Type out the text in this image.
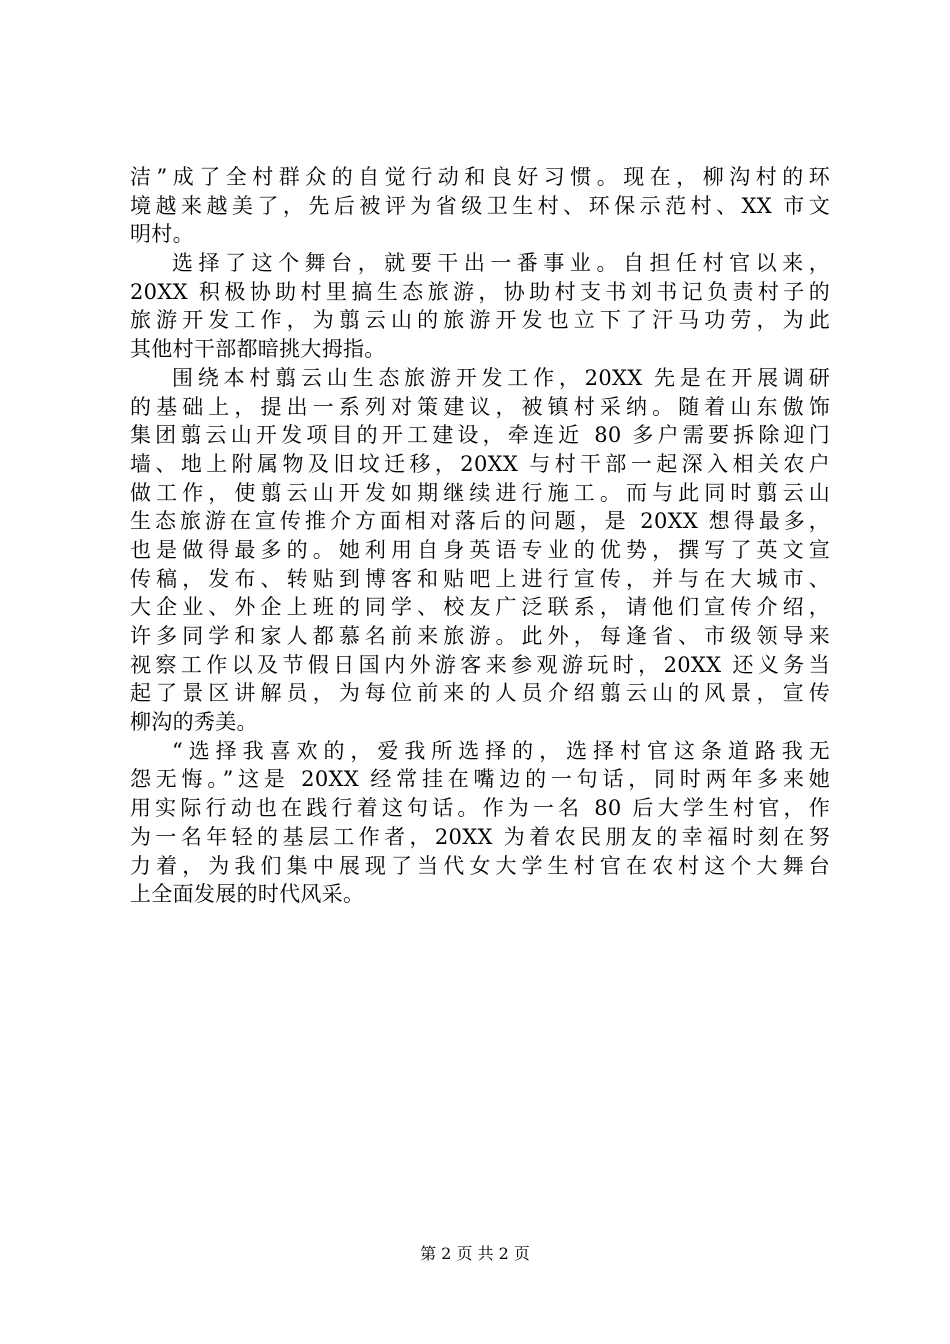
洁”成了全村群众的自觉行动和良好习惯。现在，柳沟村的环
境越来越美了，先后被评为省级卫生村、环保示范村、XX 市文
明村。
选择了这个舞台，就要干出一番事业。自担任村官以来，
20XX 积极协助村里搞生态旅游，协助村支书刘书记负责村子的
旅游开发工作，为翦云山的旅游开发也立下了汗马功劳，为此
其他村干部都暗挑大拇指。
围绕本村翦云山生态旅游开发工作，20XX 先是在开展调研
的基础上，提出一系列对策建议，被镇村采纳。随着山东傲饰
集团翦云山开发项目的开工建设，牵连近 80 多户需要拆除迎门
墙、地上附属物及旧坟迁移，20XX 与村干部一起深入相关农户
做工作，使翦云山开发如期继续进行施工。而与此同时翦云山
生态旅游在宣传推介方面相对落后的问题，是 20XX 想得最多，
也是做得最多的。她利用自身英语专业的优势，撰写了英文宣
传稿，发布、转贴到博客和贴吧上进行宣传，并与在大城市、
大企业、外企上班的同学、校友广泛联系，请他们宣传介绍，
许多同学和家人都慕名前来旅游。此外，每逢省、市级领导来
视察工作以及节假日国内外游客来参观游玩时，20XX 还义务当
起了景区讲解员，为每位前来的人员介绍翦云山的风景，宣传
柳沟的秀美。
“选择我喜欢的，爱我所选择的，选择村官这条道路我无
怨无悔。”这是 20XX 经常挂在嘴边的一句话，同时两年多来她
用实际行动也在践行着这句话。作为一名 80 后大学生村官，作
为一名年轻的基层工作者，20XX 为着农民朋友的幸福时刻在努
力着，为我们集中展现了当代女大学生村官在农村这个大舞台
上全面发展的时代风采。
第 2 页 共 2 页
